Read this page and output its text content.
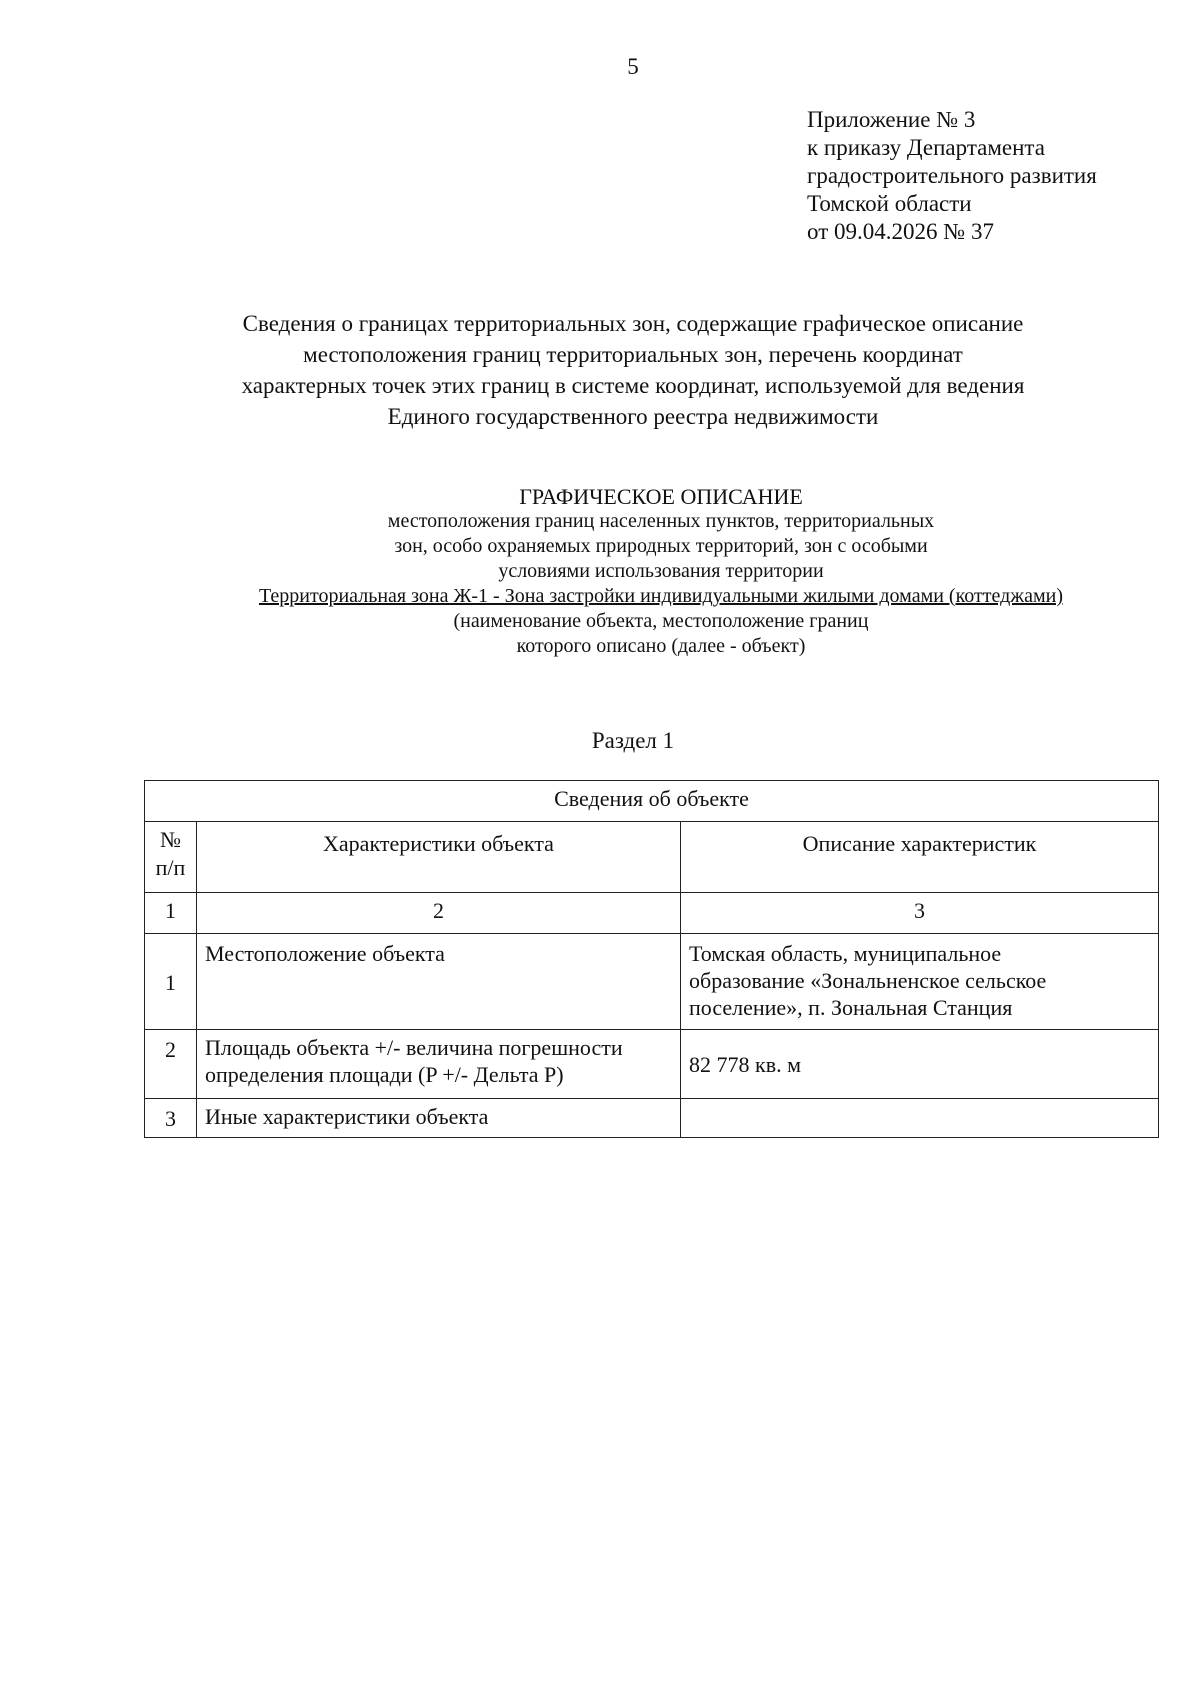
5
Приложение № 3
к приказу Департамента
градостроительного развития
Томской области
от 09.04.2026 № 37
Сведения о границах территориальных зон, содержащие графическое описание
местоположения границ территориальных зон, перечень координат
характерных точек этих границ в системе координат, используемой для ведения
Единого государственного реестра недвижимости
ГРАФИЧЕСКОЕ ОПИСАНИЕ
местоположения границ населенных пунктов, территориальных
зон, особо охраняемых природных территорий, зон с особыми
условиями использования территории
Территориальная зона Ж-1 - Зона застройки индивидуальными жилыми домами (коттеджами)
(наименование объекта, местоположение границ
которого описано (далее - объект)
Раздел 1
Сведения об объекте		

№
п/п	Характеристики объекта	Описание характеристик
1	2	3
1	Местоположение объекта	Томская область, муниципальное
образование «Зональненское сельское
поселение», п. Зональная Станция

2	Площадь объекта +/- величина погрешности
определения площади (P +/- Дельта P)	82 778 кв. м
3	Иные характеристики объекта	
